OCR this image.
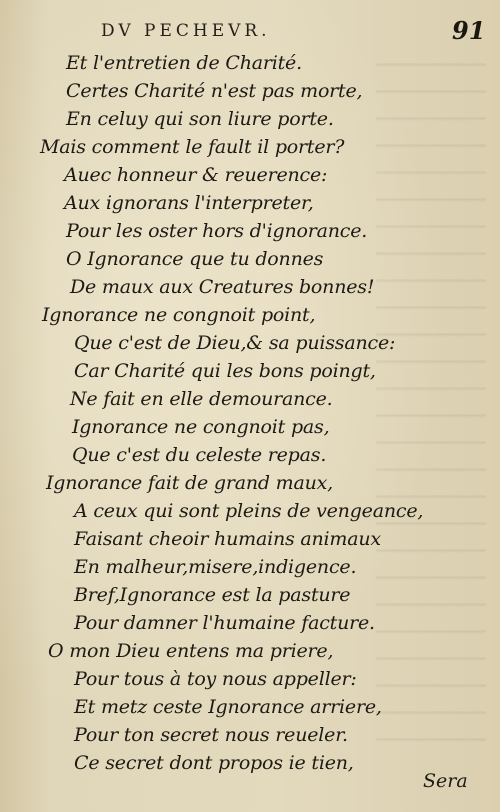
DV PECHEVR.	91
Et l'entretien de Charité.
Certes Charité n'est pas morte,
En celuy qui son liure porte.
Mais comment le fault il porter?
Auec honneur & reuerence:
Aux ignorans l'interpreter,
Pour les oster hors d'ignorance.
O Ignorance que tu donnes
De maux aux Creatures bonnes!
Ignorance ne congnoit point,
Que c'est de Dieu,& sa puissance:
Car Charité qui les bons poingt,
Ne fait en elle demourance.
Ignorance ne congnoit pas,
Que c'est du celeste repas.
Ignorance fait de grand maux,
A ceux qui sont pleins de vengeance,
Faisant cheoir humains animaux
En malheur,misere,indigence.
Bref,Ignorance est la pasture
Pour damner l'humaine facture.
O mon Dieu entens ma priere,
Pour tous à toy nous appeller:
Et metz ceste Ignorance arriere,
Pour ton secret nous reueler.
Ce secret dont propos ie tien,
Sera
